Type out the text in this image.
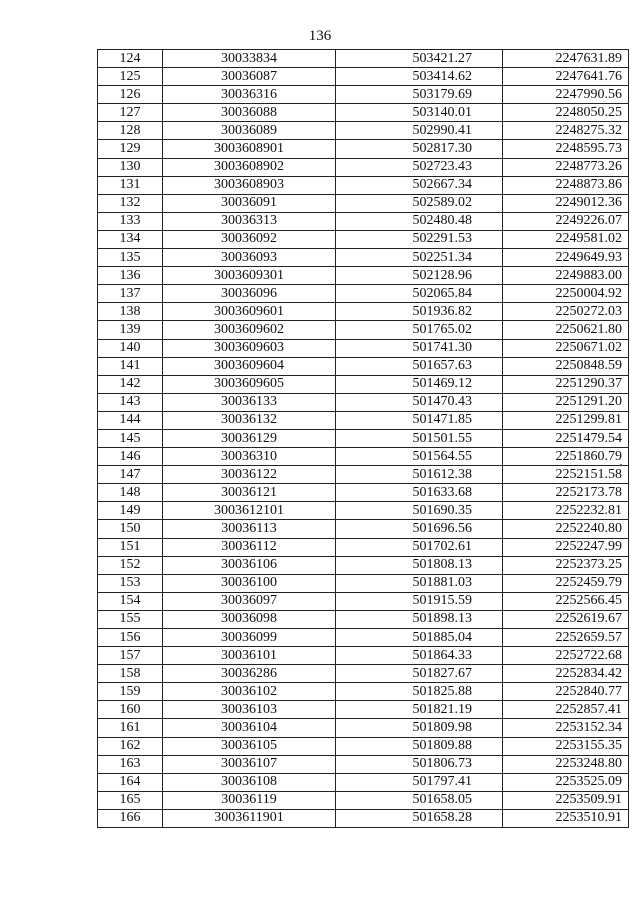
136
124	30033834	503421.27	2247631.89
125	30036087	503414.62	2247641.76
126	30036316	503179.69	2247990.56
127	30036088	503140.01	2248050.25
128	30036089	502990.41	2248275.32
129	3003608901	502817.30	2248595.73
130	3003608902	502723.43	2248773.26
131	3003608903	502667.34	2248873.86
132	30036091	502589.02	2249012.36
133	30036313	502480.48	2249226.07
134	30036092	502291.53	2249581.02
135	30036093	502251.34	2249649.93
136	3003609301	502128.96	2249883.00
137	30036096	502065.84	2250004.92
138	3003609601	501936.82	2250272.03
139	3003609602	501765.02	2250621.80
140	3003609603	501741.30	2250671.02
141	3003609604	501657.63	2250848.59
142	3003609605	501469.12	2251290.37
143	30036133	501470.43	2251291.20
144	30036132	501471.85	2251299.81
145	30036129	501501.55	2251479.54
146	30036310	501564.55	2251860.79
147	30036122	501612.38	2252151.58
148	30036121	501633.68	2252173.78
149	3003612101	501690.35	2252232.81
150	30036113	501696.56	2252240.80
151	30036112	501702.61	2252247.99
152	30036106	501808.13	2252373.25
153	30036100	501881.03	2252459.79
154	30036097	501915.59	2252566.45
155	30036098	501898.13	2252619.67
156	30036099	501885.04	2252659.57
157	30036101	501864.33	2252722.68
158	30036286	501827.67	2252834.42
159	30036102	501825.88	2252840.77
160	30036103	501821.19	2252857.41
161	30036104	501809.98	2253152.34
162	30036105	501809.88	2253155.35
163	30036107	501806.73	2253248.80
164	30036108	501797.41	2253525.09
165	30036119	501658.05	2253509.91
166	3003611901	501658.28	2253510.91
